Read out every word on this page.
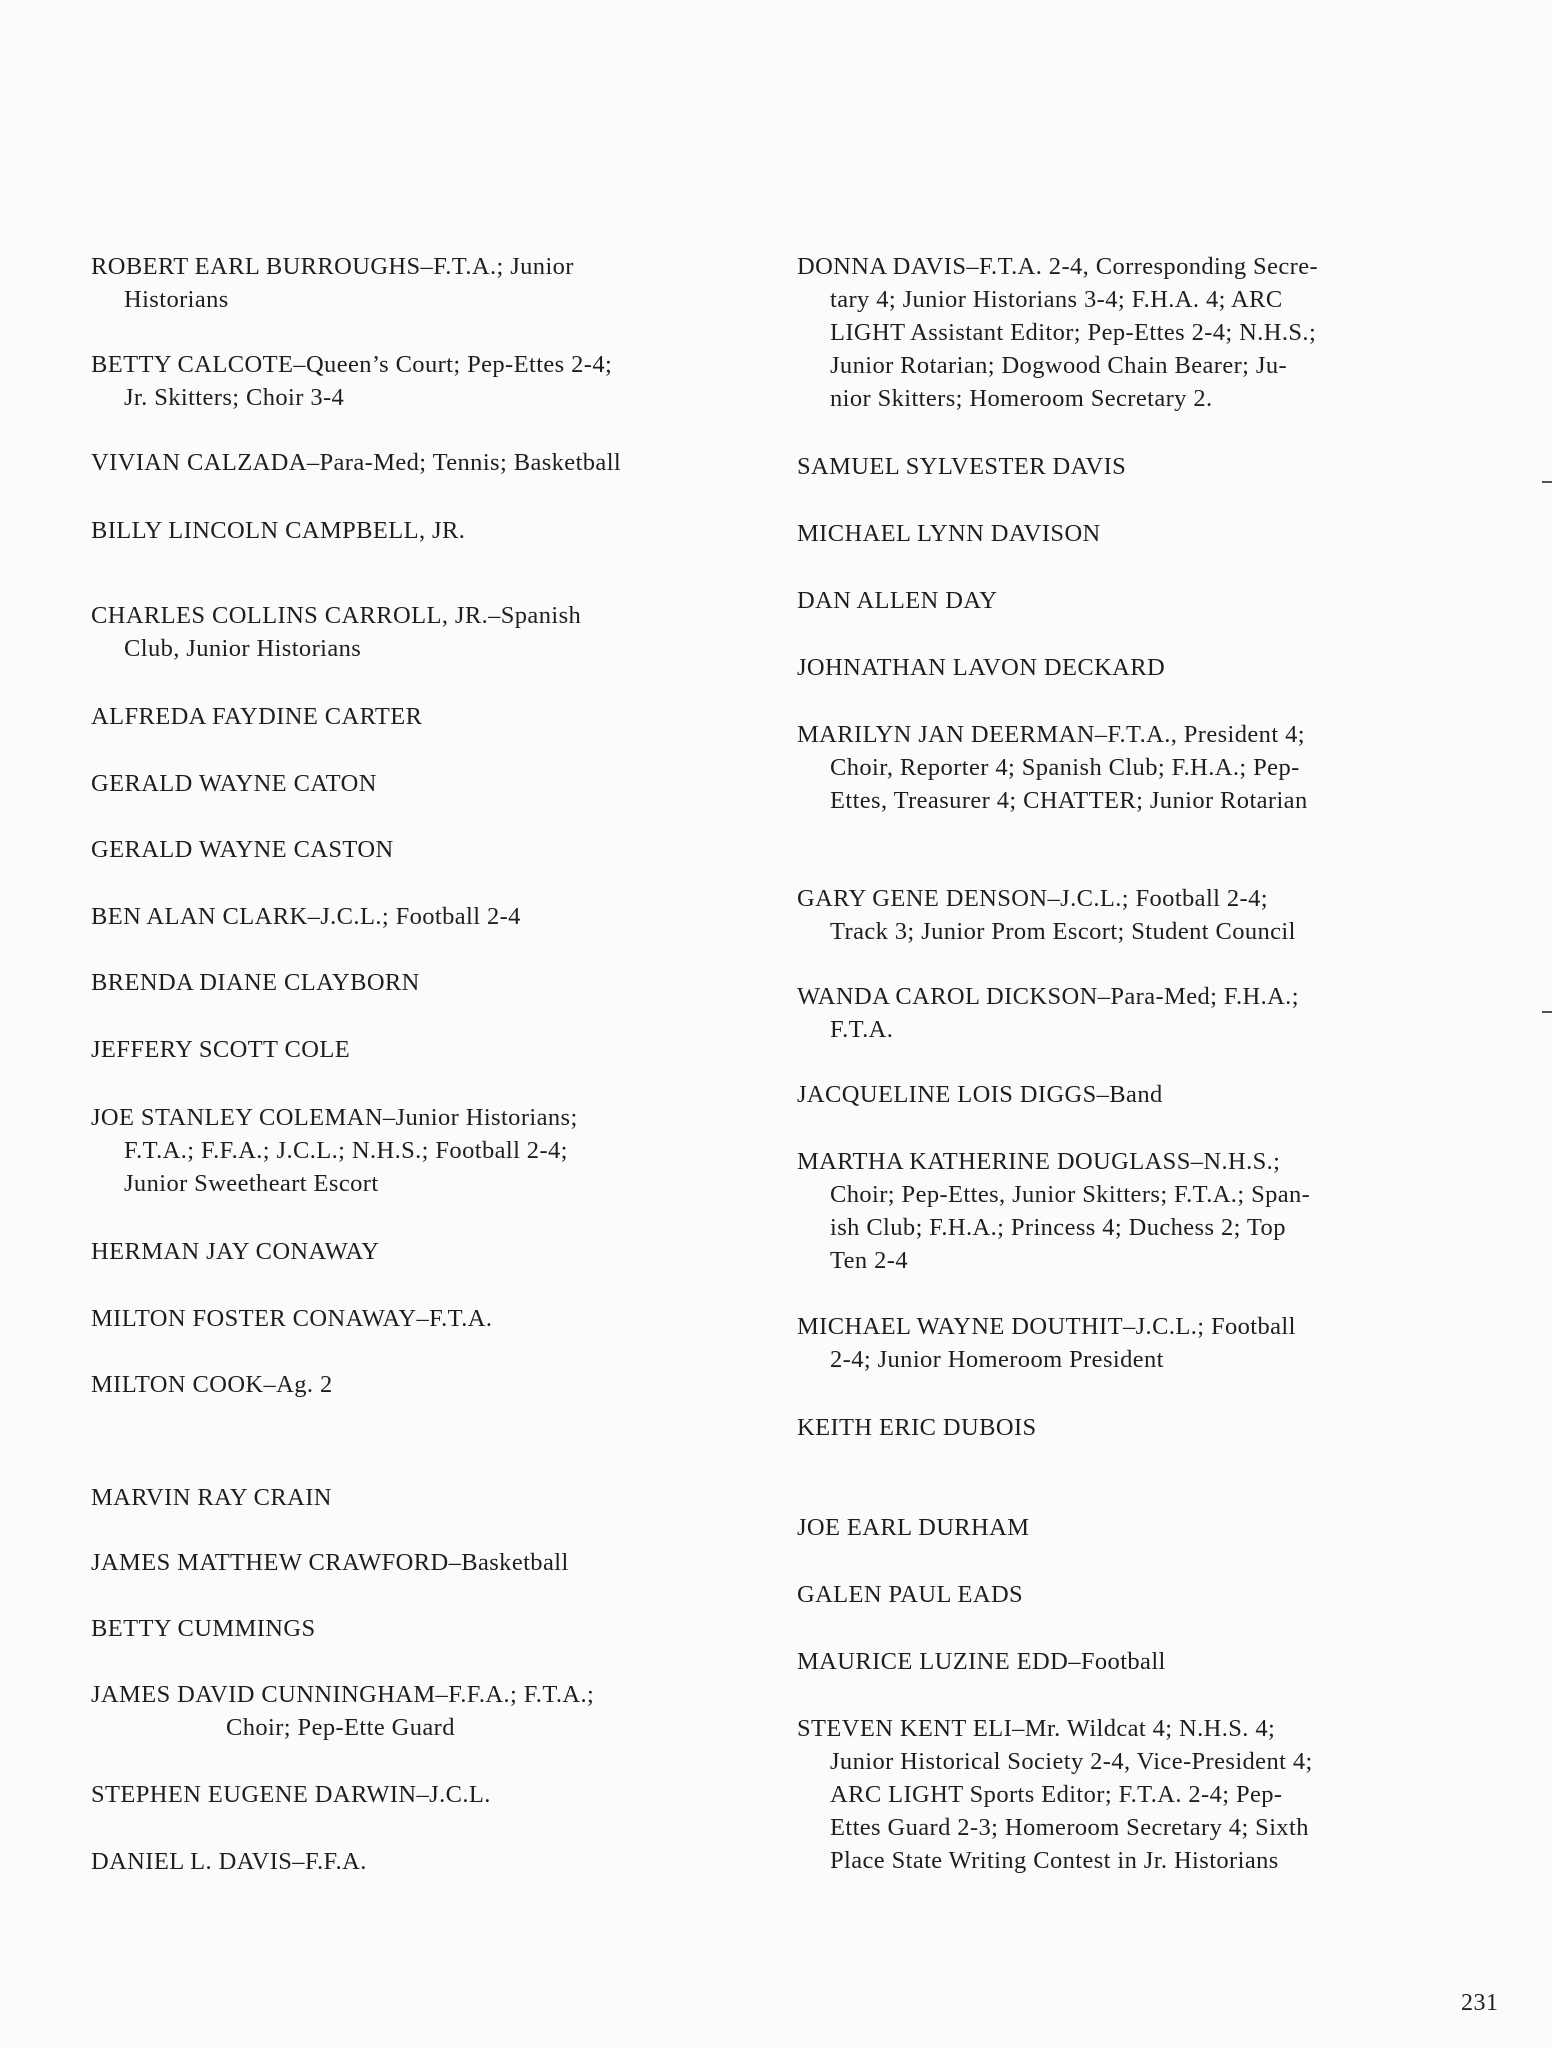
ROBERT EARL BURROUGHS–F.T.A.; Junior
Historians
BETTY CALCOTE–Queen’s Court; Pep-Ettes 2-4;
Jr. Skitters; Choir 3-4
VIVIAN CALZADA–Para-Med; Tennis; Basketball
BILLY LINCOLN CAMPBELL, JR.
CHARLES COLLINS CARROLL, JR.–Spanish
Club, Junior Historians
ALFREDA FAYDINE CARTER
GERALD WAYNE CATON
GERALD WAYNE CASTON
BEN ALAN CLARK–J.C.L.; Football 2-4
BRENDA DIANE CLAYBORN
JEFFERY SCOTT COLE
JOE STANLEY COLEMAN–Junior Historians;
F.T.A.; F.F.A.; J.C.L.; N.H.S.; Football 2-4;
Junior Sweetheart Escort
HERMAN JAY CONAWAY
MILTON FOSTER CONAWAY–F.T.A.
MILTON COOK–Ag. 2
MARVIN RAY CRAIN
JAMES MATTHEW CRAWFORD–Basketball
BETTY CUMMINGS
JAMES DAVID CUNNINGHAM–F.F.A.; F.T.A.;
Choir; Pep-Ette Guard
STEPHEN EUGENE DARWIN–J.C.L.
DANIEL L. DAVIS–F.F.A.
DONNA DAVIS–F.T.A. 2-4, Corresponding Secre-
tary 4; Junior Historians 3-4; F.H.A. 4; ARC
LIGHT Assistant Editor; Pep-Ettes 2-4; N.H.S.;
Junior Rotarian; Dogwood Chain Bearer; Ju-
nior Skitters; Homeroom Secretary 2.
SAMUEL SYLVESTER DAVIS
MICHAEL LYNN DAVISON
DAN ALLEN DAY
JOHNATHAN LAVON DECKARD
MARILYN JAN DEERMAN–F.T.A., President 4;
Choir, Reporter 4; Spanish Club; F.H.A.; Pep-
Ettes, Treasurer 4; CHATTER; Junior Rotarian
GARY GENE DENSON–J.C.L.; Football 2-4;
Track 3; Junior Prom Escort; Student Council
WANDA CAROL DICKSON–Para-Med; F.H.A.;
F.T.A.
JACQUELINE LOIS DIGGS–Band
MARTHA KATHERINE DOUGLASS–N.H.S.;
Choir; Pep-Ettes, Junior Skitters; F.T.A.; Span-
ish Club; F.H.A.; Princess 4; Duchess 2; Top
Ten 2-4
MICHAEL WAYNE DOUTHIT–J.C.L.; Football
2-4; Junior Homeroom President
KEITH ERIC DUBOIS
JOE EARL DURHAM
GALEN PAUL EADS
MAURICE LUZINE EDD–Football
STEVEN KENT ELI–Mr. Wildcat 4; N.H.S. 4;
Junior Historical Society 2-4, Vice-President 4;
ARC LIGHT Sports Editor; F.T.A. 2-4; Pep-
Ettes Guard 2-3; Homeroom Secretary 4; Sixth
Place State Writing Contest in Jr. Historians
231
